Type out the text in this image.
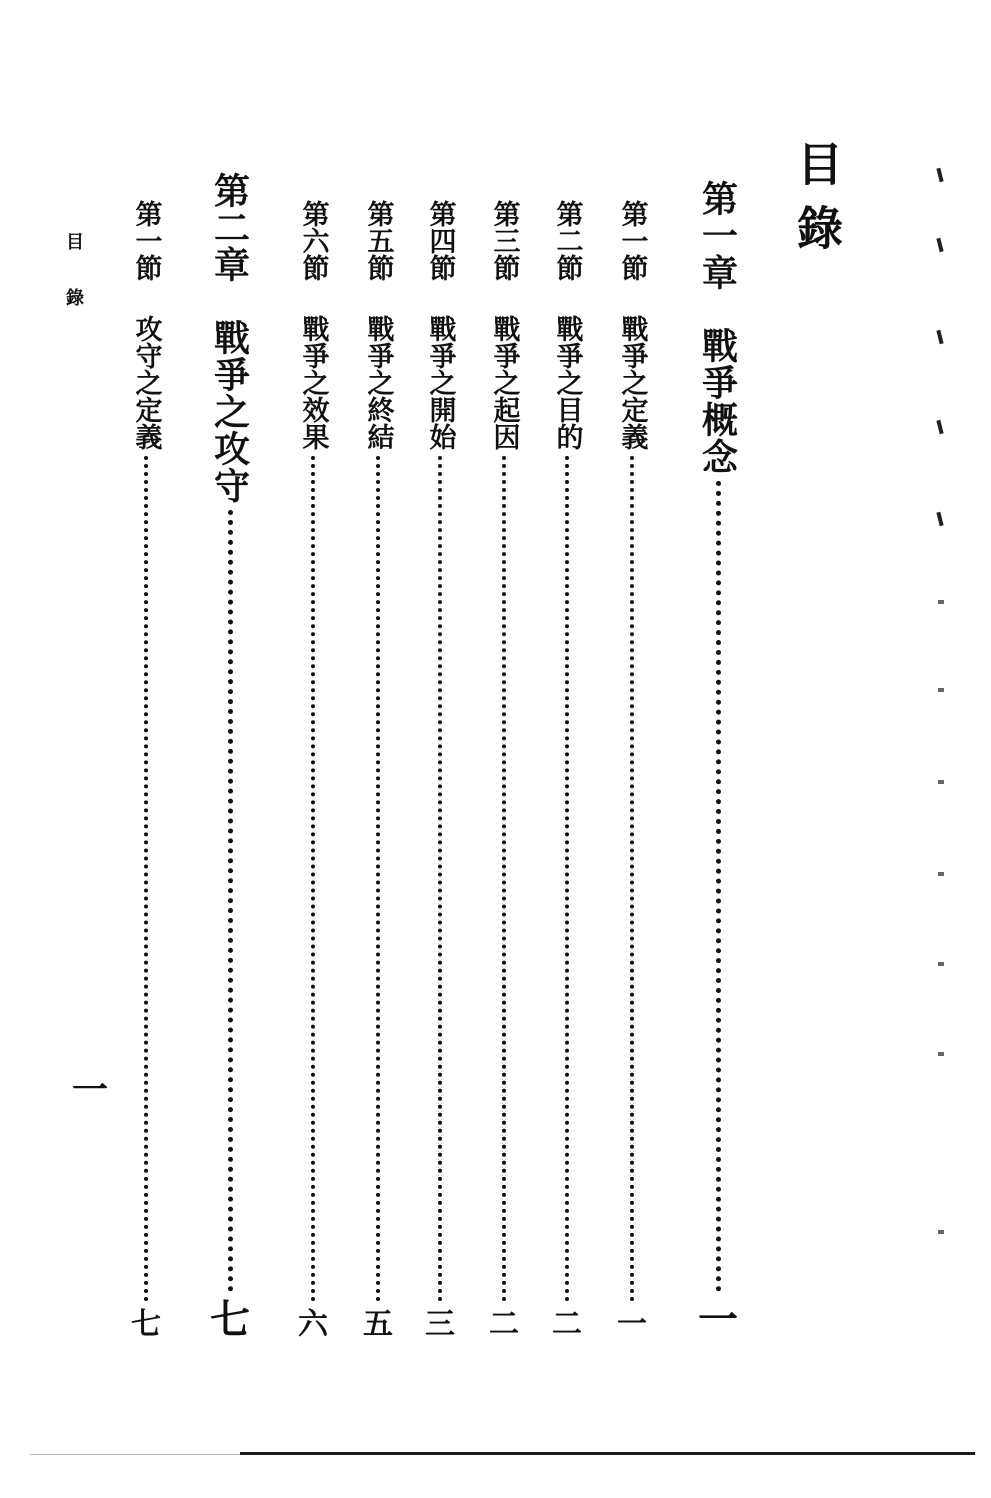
目錄
第一章
戰爭概念
一
第一節
戰爭之定義
一
第二節
戰爭之目的
二
第三節
戰爭之起因
二
第四節
戰爭之開始
三
第五節
戰爭之終結
五
第六節
戰爭之效果
六
第二章
戰爭之攻守
七
第一節
攻守之定義
七
目錄
一
